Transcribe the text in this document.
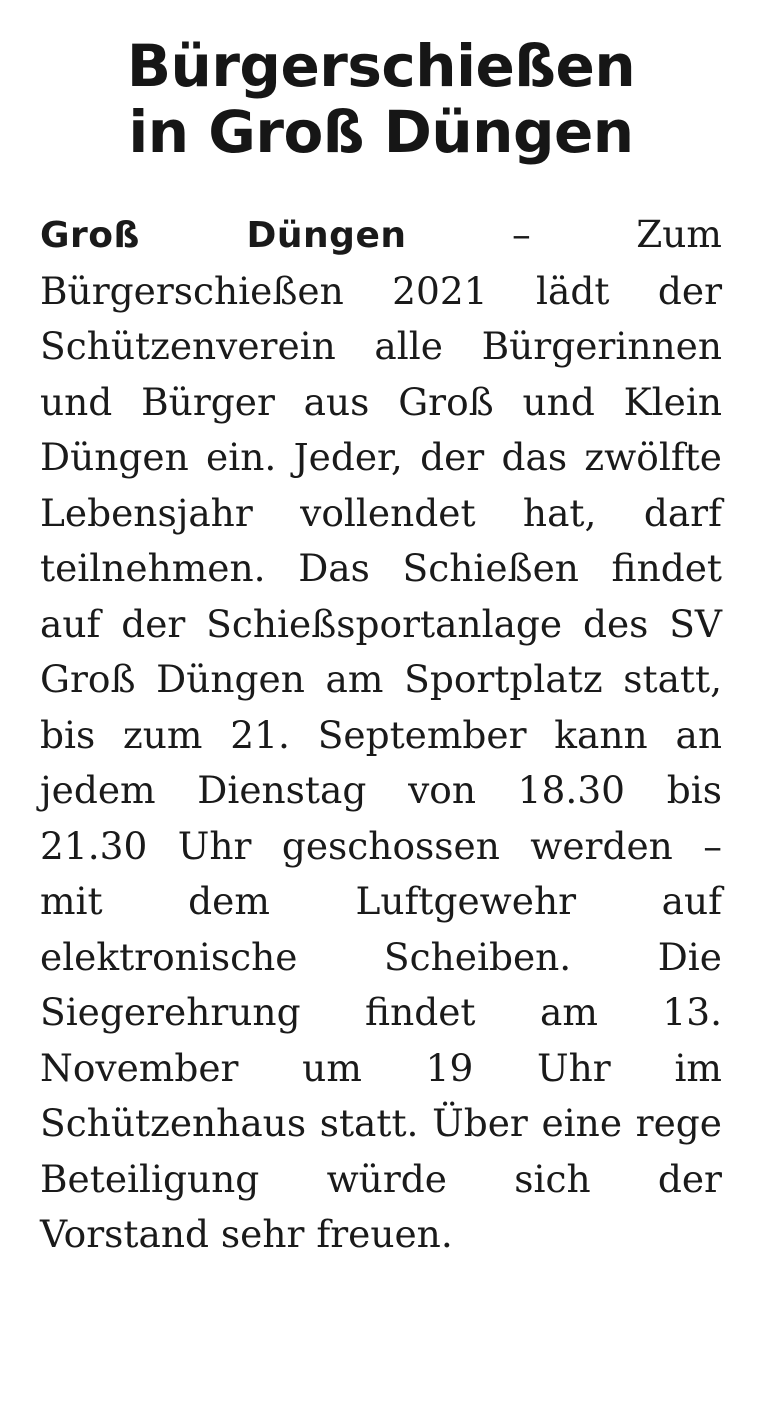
Bürgerschießen
in Groß Düngen

Groß Düngen – Zum Bürgerschießen 2021 lädt der Schützenverein alle Bürgerinnen und Bürger aus Groß und Klein Düngen ein. Jeder, der das zwölfte Lebensjahr vollendet hat, darf teilnehmen. Das Schießen findet auf der Schießsportanlage des SV Groß Düngen am Sportplatz statt, bis zum 21. September kann an jedem Dienstag von 18.30 bis 21.30 Uhr geschossen werden – mit dem Luftgewehr auf elektronische Scheiben. Die Siegerehrung findet am 13. November um 19 Uhr im Schützenhaus statt. Über eine rege Beteiligung würde sich der Vorstand sehr freuen.
